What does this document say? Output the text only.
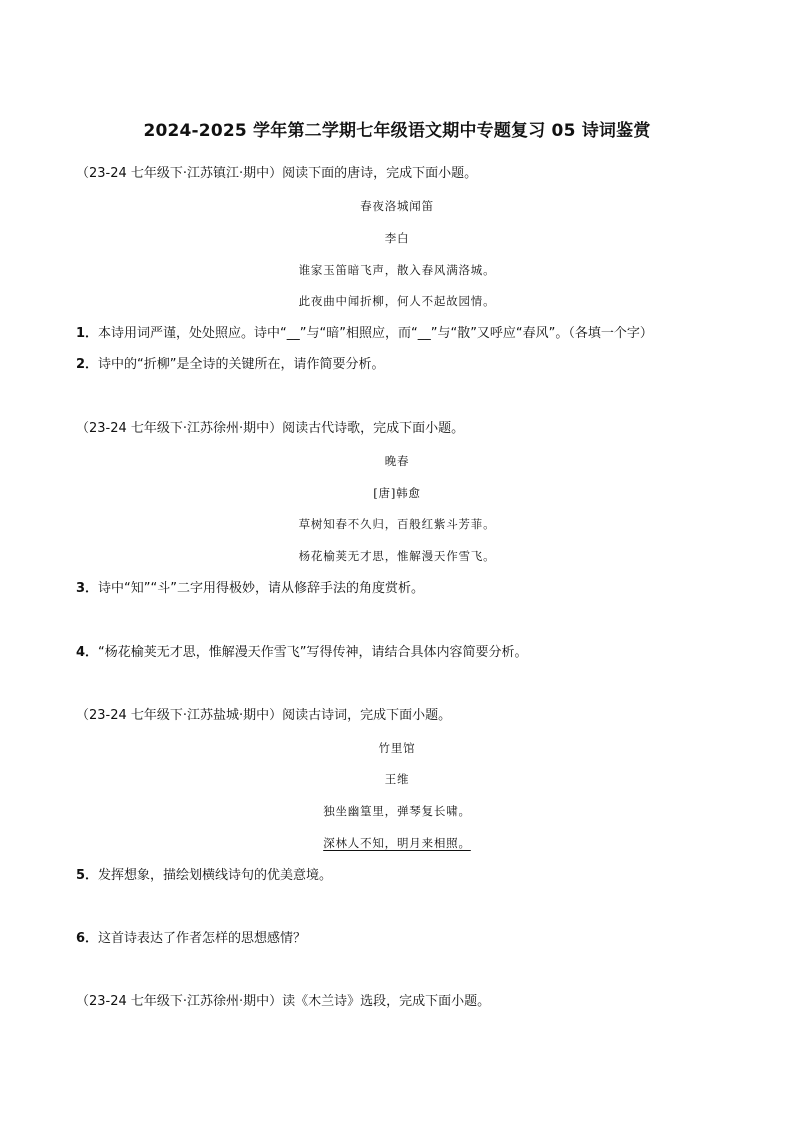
2024-2025 学年第二学期七年级语文期中专题复习 05 诗词鉴赏
（23-24 七年级下·江苏镇江·期中）阅读下面的唐诗，完成下面小题。
春夜洛城闻笛
李白
谁家玉笛暗飞声，散入春风满洛城。
此夜曲中闻折柳，何人不起故园情。
1．本诗用词严谨，处处照应。诗中“__”与“暗”相照应，而“__”与“散”又呼应“春风”。（各填一个字）
2．诗中的“折柳”是全诗的关键所在，请作简要分析。
（23-24 七年级下·江苏徐州·期中）阅读古代诗歌，完成下面小题。
晚春
[唐]韩愈
草树知春不久归，百般红紫斗芳菲。
杨花榆荚无才思，惟解漫天作雪飞。
3．诗中“知”“斗”二字用得极妙，请从修辞手法的角度赏析。
4．“杨花榆荚无才思，惟解漫天作雪飞”写得传神，请结合具体内容简要分析。
（23-24 七年级下·江苏盐城·期中）阅读古诗词，完成下面小题。
竹里馆
王维
独坐幽篁里，弹琴复长啸。
深林人不知，明月来相照。
5．发挥想象，描绘划横线诗句的优美意境。
6．这首诗表达了作者怎样的思想感情？
（23-24 七年级下·江苏徐州·期中）读《木兰诗》选段，完成下面小题。
